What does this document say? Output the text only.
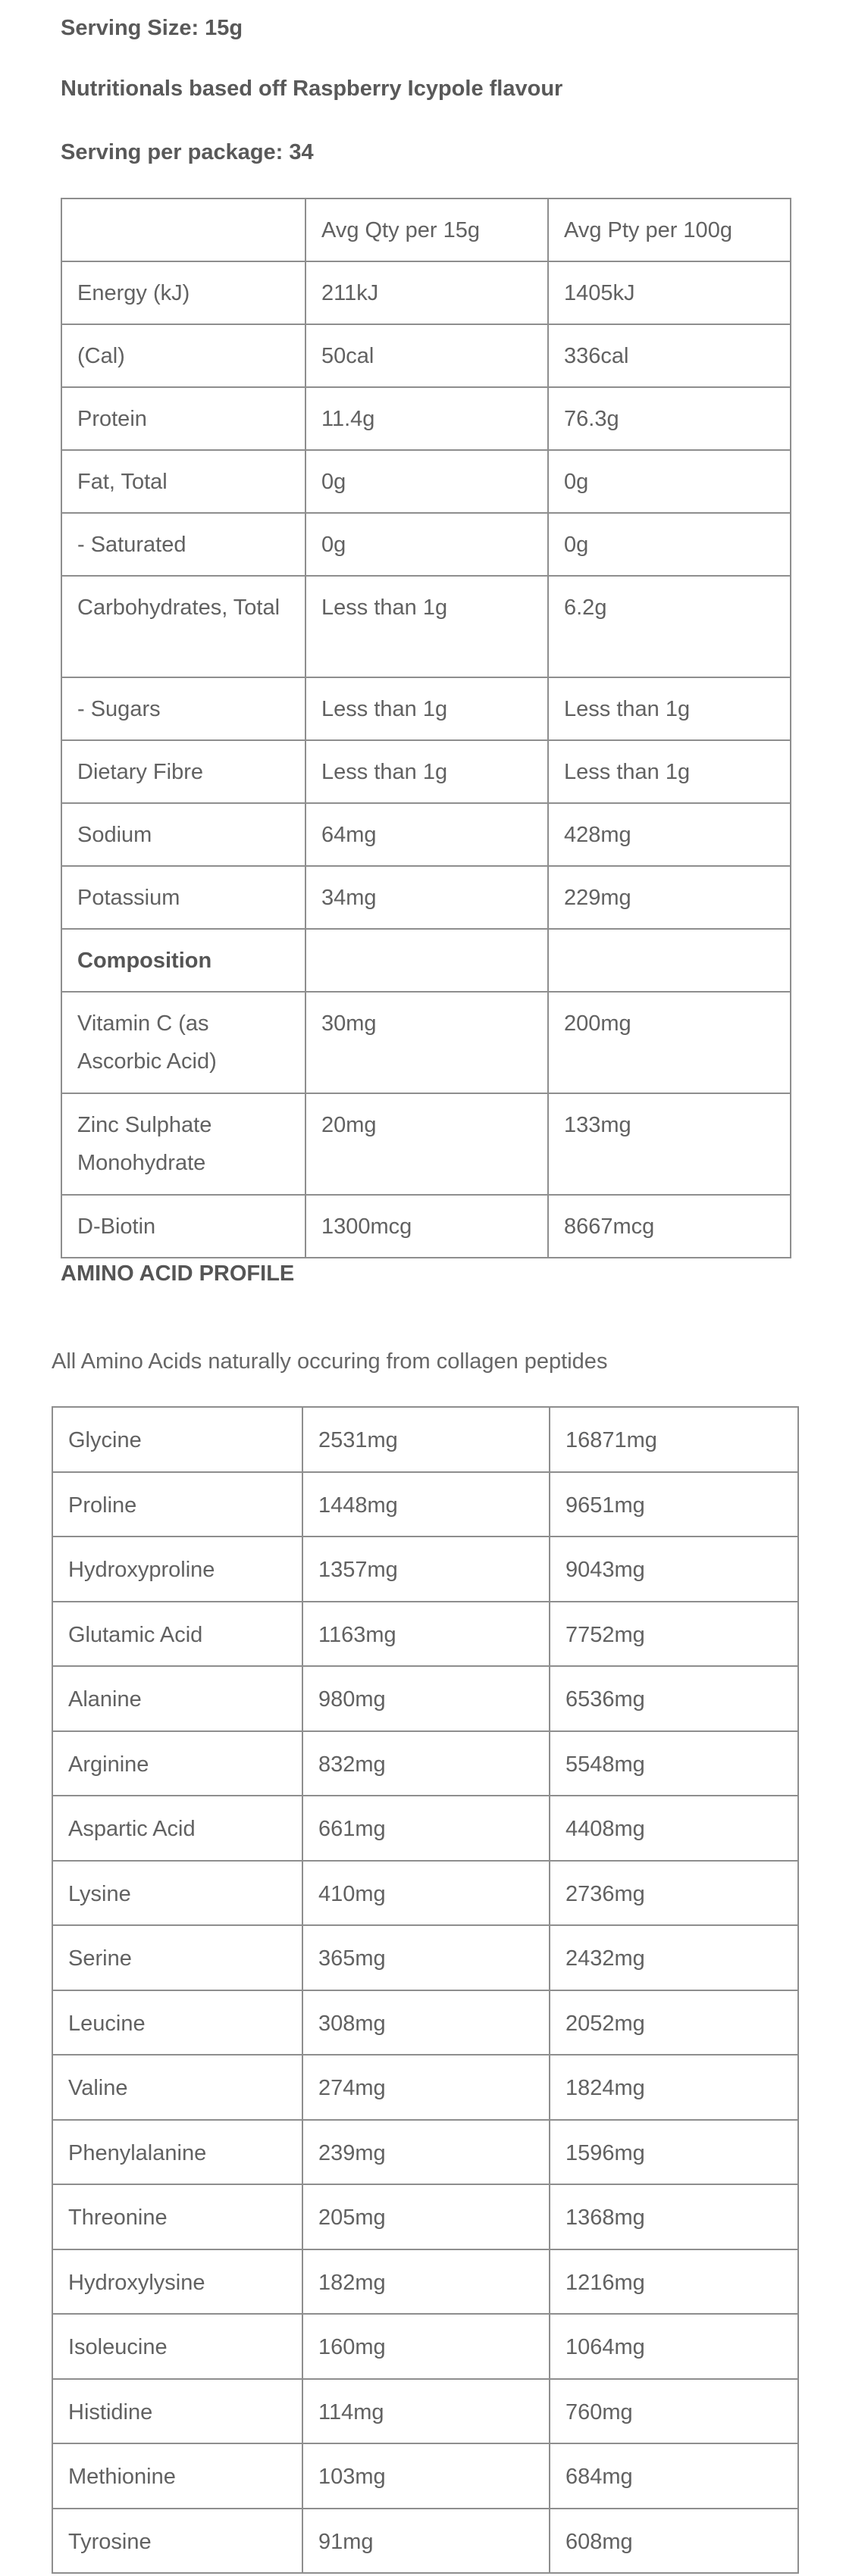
Serving Size: 15g

Nutritionals based off Raspberry Icypole flavour

Serving per package: 34

	Avg Qty per 15g	Avg Pty per 100g
Energy (kJ)	211kJ	1405kJ
(Cal)	50cal	336cal
Protein	11.4g	76.3g
Fat, Total	0g	0g
- Saturated	0g	0g
Carbohydrates, Total	Less than 1g	6.2g
- Sugars	Less than 1g	Less than 1g
Dietary Fibre	Less than 1g	Less than 1g
Sodium	64mg	428mg
Potassium	34mg	229mg
Composition		
Vitamin C (as Ascorbic Acid)	30mg	200mg
Zinc Sulphate Monohydrate	20mg	133mg
D-Biotin	1300mcg	8667mcg

AMINO ACID PROFILE

All Amino Acids naturally occuring from collagen peptides

Glycine	2531mg	16871mg
Proline	1448mg	9651mg
Hydroxyproline	1357mg	9043mg
Glutamic Acid	1163mg	7752mg
Alanine	980mg	6536mg
Arginine	832mg	5548mg
Aspartic Acid	661mg	4408mg
Lysine	410mg	2736mg
Serine	365mg	2432mg
Leucine	308mg	2052mg
Valine	274mg	1824mg
Phenylalanine	239mg	1596mg
Threonine	205mg	1368mg
Hydroxylysine	182mg	1216mg
Isoleucine	160mg	1064mg
Histidine	114mg	760mg
Methionine	103mg	684mg
Tyrosine	91mg	608mg
